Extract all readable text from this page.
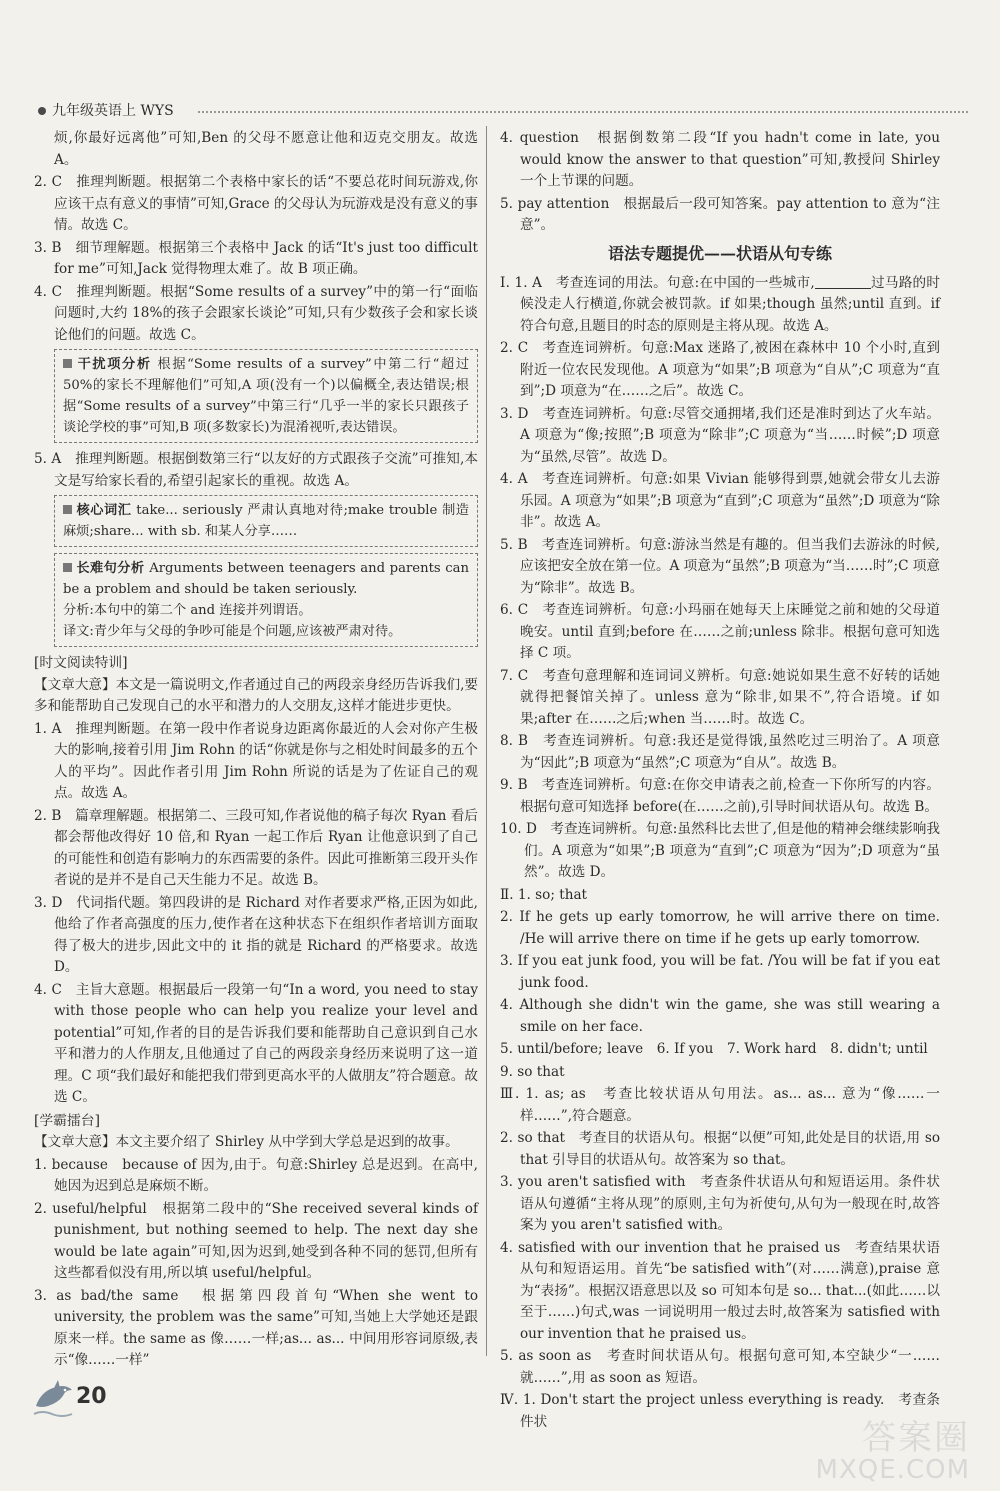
九年级英语上 WYS

烦,你最好远离他”可知,Ben 的父母不愿意让他和迈克交朋友。故选 A。

2. C　推理判断题。根据第二个表格中家长的话“不要总花时间玩游戏,你应该干点有意义的事情”可知,Grace 的父母认为玩游戏是没有意义的事情。故选 C。

3. B　细节理解题。根据第三个表格中 Jack 的话“It's just too difficult for me”可知,Jack 觉得物理太难了。故 B 项正确。

4. C　推理判断题。根据“Some results of a survey”中的第一行“面临问题时,大约 18%的孩子会跟家长谈论”可知,只有少数孩子会和家长谈论他们的问题。故选 C。

干扰项分析 根据“Some results of a survey”中第二行“超过 50%的家长不理解他们”可知,A 项(没有一个)以偏概全,表达错误;根据“Some results of a survey”中第三行“几乎一半的家长只跟孩子谈论学校的事”可知,B 项(多数家长)为混淆视听,表达错误。

5. A　推理判断题。根据倒数第三行“以友好的方式跟孩子交流”可推知,本文是写给家长看的,希望引起家长的重视。故选 A。

核心词汇 take... seriously 严肃认真地对待;make trouble 制造麻烦;share... with sb. 和某人分享……
长难句分析 Arguments between teenagers and parents can be a problem and should be taken seriously.
分析:本句中的第二个 and 连接并列谓语。
译文:青少年与父母的争吵可能是个问题,应该被严肃对待。
[时文阅读特训]

【文章大意】本文是一篇说明文,作者通过自己的两段亲身经历告诉我们,要多和能帮助自己发现自己的水平和潜力的人交朋友,这样才能进步更快。

1. A　推理判断题。在第一段中作者说身边距离你最近的人会对你产生极大的影响,接着引用 Jim Rohn 的话“你就是你与之相处时间最多的五个人的平均”。因此作者引用 Jim Rohn 所说的话是为了佐证自己的观点。故选 A。

2. B　篇章理解题。根据第二、三段可知,作者说他的稿子每次 Ryan 看后都会帮他改得好 10 倍,和 Ryan 一起工作后 Ryan 让他意识到了自己的可能性和创造有影响力的东西需要的条件。因此可推断第三段开头作者说的是并不是自己天生能力不足。故选 B。

3. D　代词指代题。第四段讲的是 Richard 对作者要求严格,正因为如此,他给了作者高强度的压力,使作者在这种状态下在组织作者培训方面取得了极大的进步,因此文中的 it 指的就是 Richard 的严格要求。故选 D。

4. C　主旨大意题。根据最后一段第一句“In a word, you need to stay with those people who can help you realize your level and potential”可知,作者的目的是告诉我们要和能帮助自己意识到自己水平和潜力的人作朋友,且他通过了自己的两段亲身经历来说明了这一道理。C 项“我们最好和能把我们带到更高水平的人做朋友”符合题意。故选 C。

[学霸擂台]

【文章大意】本文主要介绍了 Shirley 从中学到大学总是迟到的故事。

1. because　because of 因为,由于。句意:Shirley 总是迟到。在高中,她因为迟到总是麻烦不断。

2. useful/helpful　根据第二段中的“She received several kinds of punishment, but nothing seemed to help. The next day she would be late again”可知,因为迟到,她受到各种不同的惩罚,但所有这些都看似没有用,所以填 useful/helpful。

3. as bad/the same　根据第四段首句“When she went to university, the problem was the same”可知,当她上大学她还是跟原来一样。the same as 像……一样;as... as... 中间用形容词原级,表示“像……一样”

4. question　根据倒数第二段“If you hadn't come in late, you would know the answer to that question”可知,教授问 Shirley 一个上节课的问题。

5. pay attention　根据最后一段可知答案。pay attention to 意为“注意”。

语法专题提优——状语从句专练

Ⅰ. 1. A　考查连词的用法。句意:在中国的一些城市,	过马路的时候没走人行横道,你就会被罚款。if 如果;though 虽然;until 直到。if 符合句意,且题目的时态的原则是主将从现。故选 A。

2. C　考查连词辨析。句意:Max 迷路了,被困在森林中 10 个小时,直到附近一位农民发现他。A 项意为“如果”;B 项意为“自从”;C 项意为“直到”;D 项意为“在……之后”。故选 C。

3. D　考查连词辨析。句意:尽管交通拥堵,我们还是准时到达了火车站。A 项意为“像;按照”;B 项意为“除非”;C 项意为“当……时候”;D 项意为“虽然,尽管”。故选 D。

4. A　考查连词辨析。句意:如果 Vivian 能够得到票,她就会带女儿去游乐园。A 项意为“如果”;B 项意为“直到”;C 项意为“虽然”;D 项意为“除非”。故选 A。

5. B　考查连词辨析。句意:游泳当然是有趣的。但当我们去游泳的时候,应该把安全放在第一位。A 项意为“虽然”;B 项意为“当……时”;C 项意为“除非”。故选 B。

6. C　考查连词辨析。句意:小玛丽在她每天上床睡觉之前和她的父母道晚安。until 直到;before 在……之前;unless 除非。根据句意可知选择 C 项。

7. C　考查句意理解和连词词义辨析。句意:她说如果生意不好转的话她就得把餐馆关掉了。unless 意为“除非,如果不”,符合语境。if 如果;after 在……之后;when 当……时。故选 C。

8. B　考查连词辨析。句意:我还是觉得饿,虽然吃过三明治了。A 项意为“因此”;B 项意为“虽然”;C 项意为“自从”。故选 B。

9. B　考查连词辨析。句意:在你交申请表之前,检查一下你所写的内容。根据句意可知选择 before(在……之前),引导时间状语从句。故选 B。

10. D　考查连词辨析。句意:虽然科比去世了,但是他的精神会继续影响我们。A 项意为“如果”;B 项意为“直到”;C 项意为“因为”;D 项意为“虽然”。故选 D。

Ⅱ. 1. so; that

2. If he gets up early tomorrow, he will arrive there on time. /He will arrive there on time if he gets up early tomorrow.

3. If you eat junk food, you will be fat. /You will be fat if you eat junk food.

4. Although she didn't win the game, she was still wearing a smile on her face.

5. until/before; leave　6. If you　7. Work hard　8. didn't; until

9. so that

Ⅲ. 1. as; as　考查比较状语从句用法。as... as... 意为“像……一样……”,符合题意。

2. so that　考查目的状语从句。根据“以便”可知,此处是目的状语,用 so that 引导目的状语从句。故答案为 so that。

3. you aren't satisfied with　考查条件状语从句和短语运用。条件状语从句遵循“主将从现”的原则,主句为祈使句,从句为一般现在时,故答案为 you aren't satisfied with。

4. satisfied with our invention that he praised us　考查结果状语从句和短语运用。首先“be satisfied with”(对……满意),praise 意为“表扬”。根据汉语意思以及 so 可知本句是 so... that...(如此……以至于……)句式,was 一词说明用一般过去时,故答案为 satisfied with our invention that he praised us。

5. as soon as　考查时间状语从句。根据句意可知,本空缺少“一……就……”,用 as soon as 短语。

Ⅳ. 1. Don't start the project unless everything is ready.　考查条件状

20
答案圈
MXQE.COM
